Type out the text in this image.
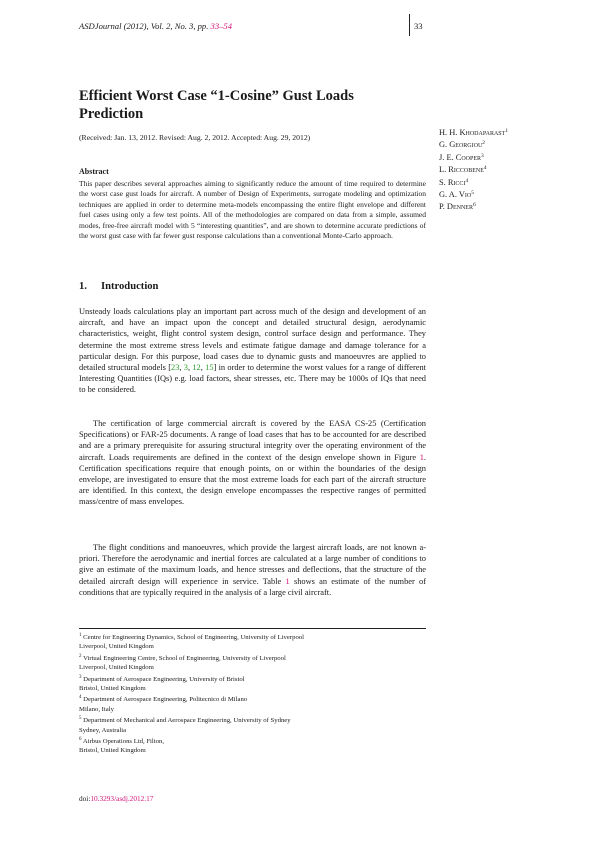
ASDJournal (2012), Vol. 2, No. 3, pp. 33–54	33
Efficient Worst Case “1-Cosine” Gust Loads Prediction
(Received: Jan. 13, 2012. Revised: Aug. 2, 2012. Accepted: Aug. 29, 2012)
H. H. Khodaparast$^1$
G. Georgiou$^2$
J. E. Cooper$^3$
L. Riccobene$^4$
S. Ricci$^4$
G. A. Vio$^5$
P. Denner$^6$
Abstract
This paper describes several approaches aiming to significantly reduce the amount of time required to determine the worst case gust loads for aircraft. A number of Design of Experiments, surrogate modeling and optimization techniques are applied in order to determine meta-models encompassing the entire flight envelope and different fuel cases using only a few test points. All of the methodologies are compared on data from a simple, assumed modes, free-free aircraft model with 5 “interesting quantities”, and are shown to determine accurate predictions of the worst gust case with far fewer gust response calculations than a conventional Monte-Carlo approach.
1. Introduction

Unsteady loads calculations play an important part across much of the design and development of an aircraft, and have an impact upon the concept and detailed structural design, aerodynamic characteristics, weight, flight control system design, control surface design and performance. They determine the most extreme stress levels and estimate fatigue damage and damage tolerance for a particular design. For this purpose, load cases due to dynamic gusts and manoeuvres are applied to detailed structural models [23, 3, 12, 15] in order to determine the worst values for a range of different Interesting Quantities (IQs) e.g. load factors, shear stresses, etc. There may be 1000s of IQs that need to be considered.

The certification of large commercial aircraft is covered by the EASA CS-25 (Certification Specifications) or FAR-25 documents. A range of load cases that has to be accounted for are described and are a primary prerequisite for assuring structural integrity over the operating environment of the aircraft. Loads requirements are defined in the context of the design envelope shown in Figure 1. Certification specifications require that enough points, on or within the boundaries of the design envelope, are investigated to ensure that the most extreme loads for each part of the aircraft structure are identified. In this context, the design envelope encompasses the respective ranges of permitted mass/centre of mass envelopes.

The flight conditions and manoeuvres, which provide the largest aircraft loads, are not known a-priori. Therefore the aerodynamic and inertial forces are calculated at a large number of conditions to give an estimate of the maximum loads, and hence stresses and deflections, that the structure of the detailed aircraft design will experience in service. Table 1 shows an estimate of the number of conditions that are typically required in the analysis of a large civil aircraft.

$^1$ Centre for Engineering Dynamics, School of Engineering, University of Liverpool
Liverpool, United Kingdom
$^2$ Virtual Engineering Centre, School of Engineering, University of Liverpool
Liverpool, United Kingdom
$^3$ Department of Aerospace Engineering, University of Bristol
Bristol, United Kingdom
$^4$ Department of Aerospace Engineering, Politecnico di Milano
Milano, Italy
$^5$ Department of Mechanical and Aerospace Engineering, University of Sydney
Sydney, Australia
$^6$ Airbus Operations Ltd, Filton,
Bristol, United Kingdom
doi:10.3293/asdj.2012.17
